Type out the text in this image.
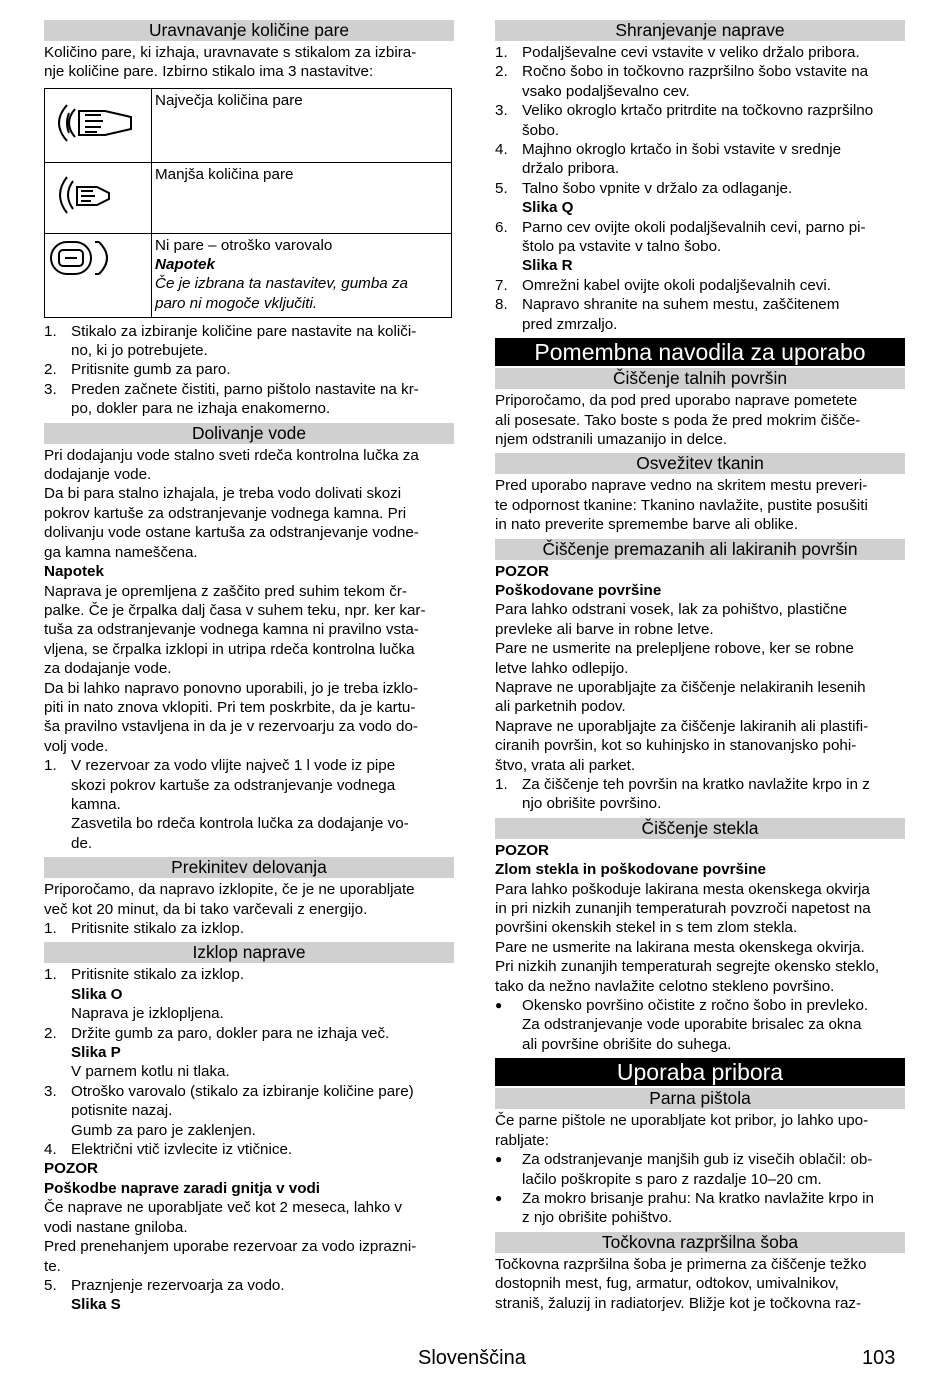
Uravnavanje količine pare
Količino pare, ki izhaja, uravnavate s stikalom za izbira-
nje količine pare. Izbirno stikalo ima 3 nastavitve:
	Največja količina pare
	Manjša količina pare

Ni pare – otroško varovalo
Napotek
Če je izbrana ta nastavitev, gumba za
paro ni mogoče vključiti.
1. Stikalo za izbiranje količine pare nastavite na količi-
no, ki jo potrebujete.
2. Pritisnite gumb za paro.
3. Preden začnete čistiti, parno pištolo nastavite na kr-
po, dokler para ne izhaja enakomerno.
Dolivanje vode
Pri dodajanju vode stalno sveti rdeča kontrolna lučka za
dodajanje vode.
Da bi para stalno izhajala, je treba vodo dolivati skozi
pokrov kartuše za odstranjevanje vodnega kamna. Pri
dolivanju vode ostane kartuša za odstranjevanje vodne-
ga kamna nameščena.
Napotek
Naprava je opremljena z zaščito pred suhim tekom čr-
palke. Če je črpalka dalj časa v suhem teku, npr. ker kar-
tuša za odstranjevanje vodnega kamna ni pravilno vsta-
vljena, se črpalka izklopi in utripa rdeča kontrolna lučka
za dodajanje vode.
Da bi lahko napravo ponovno uporabili, jo je treba izklo-
piti in nato znova vklopiti. Pri tem poskrbite, da je kartu-
ša pravilno vstavljena in da je v rezervoarju za vodo do-
volj vode.
1. V rezervoar za vodo vlijte največ 1 l vode iz pipe
skozi pokrov kartuše za odstranjevanje vodnega
kamna.
Zasvetila bo rdeča kontrola lučka za dodajanje vo-
de.
Prekinitev delovanja
Priporočamo, da napravo izklopite, če je ne uporabljate
več kot 20 minut, da bi tako varčevali z energijo.
1. Pritisnite stikalo za izklop.
Izklop naprave
1. Pritisnite stikalo za izklop.
Slika O
Naprava je izklopljena.
2. Držite gumb za paro, dokler para ne izhaja več.
Slika P
V parnem kotlu ni tlaka.
3. Otroško varovalo (stikalo za izbiranje količine pare)
potisnite nazaj.
Gumb za paro je zaklenjen.
4. Električni vtič izvlecite iz vtičnice.
POZOR
Poškodbe naprave zaradi gnitja v vodi
Če naprave ne uporabljate več kot 2 meseca, lahko v
vodi nastane gniloba.
Pred prenehanjem uporabe rezervoar za vodo izprazni-
te.
5. Praznjenje rezervoarja za vodo.
Slika S
Shranjevanje naprave
1. Podaljševalne cevi vstavite v veliko držalo pribora.
2. Ročno šobo in točkovno razpršilno šobo vstavite na
vsako podaljševalno cev.
3. Veliko okroglo krtačo pritrdite na točkovno razpršilno
šobo.
4. Majhno okroglo krtačo in šobi vstavite v srednje
držalo pribora.
5. Talno šobo vpnite v držalo za odlaganje.
Slika Q
6. Parno cev ovijte okoli podaljševalnih cevi, parno pi-
štolo pa vstavite v talno šobo.
Slika R
7. Omrežni kabel ovijte okoli podaljševalnih cevi.
8. Napravo shranite na suhem mestu, zaščitenem
pred zmrzaljo.
Pomembna navodila za uporabo
Čiščenje talnih površin
Priporočamo, da pod pred uporabo naprave pometete
ali posesate. Tako boste s poda že pred mokrim čišče-
njem odstranili umazanijo in delce.
Osvežitev tkanin
Pred uporabo naprave vedno na skritem mestu preveri-
te odpornost tkanine: Tkanino navlažite, pustite posušiti
in nato preverite spremembe barve ali oblike.
Čiščenje premazanih ali lakiranih površin
POZOR
Poškodovane površine
Para lahko odstrani vosek, lak za pohištvo, plastične
prevleke ali barve in robne letve.
Pare ne usmerite na prelepljene robove, ker se robne
letve lahko odlepijo.
Naprave ne uporabljajte za čiščenje nelakiranih lesenih
ali parketnih podov.
Naprave ne uporabljajte za čiščenje lakiranih ali plastifi-
ciranih površin, kot so kuhinjsko in stanovanjsko pohi-
štvo, vrata ali parket.
1. Za čiščenje teh površin na kratko navlažite krpo in z
njo obrišite površino.
Čiščenje stekla
POZOR
Zlom stekla in poškodovane površine
Para lahko poškoduje lakirana mesta okenskega okvirja
in pri nizkih zunanjih temperaturah povzroči napetost na
površini okenskih stekel in s tem zlom stekla.
Pare ne usmerite na lakirana mesta okenskega okvirja.
Pri nizkih zunanjih temperaturah segrejte okensko steklo,
tako da nežno navlažite celotno stekleno površino.
●	Okensko površino očistite z ročno šobo in prevleko.
Za odstranjevanje vode uporabite brisalec za okna
ali površine obrišite do suhega.
Uporaba pribora
Parna pištola
Če parne pištole ne uporabljate kot pribor, jo lahko upo-
rabljate:
●	Za odstranjevanje manjših gub iz visečih oblačil: ob-
lačilo poškropite s paro z razdalje 10–20 cm.
●	Za mokro brisanje prahu: Na kratko navlažite krpo in
z njo obrišite pohištvo.
Točkovna razpršilna šoba
Točkovna razpršilna šoba je primerna za čiščenje težko
dostopnih mest, fug, armatur, odtokov, umivalnikov,
straniš, žaluzij in radiatorjev. Bližje kot je točkovna raz-
Slovenščina	103
